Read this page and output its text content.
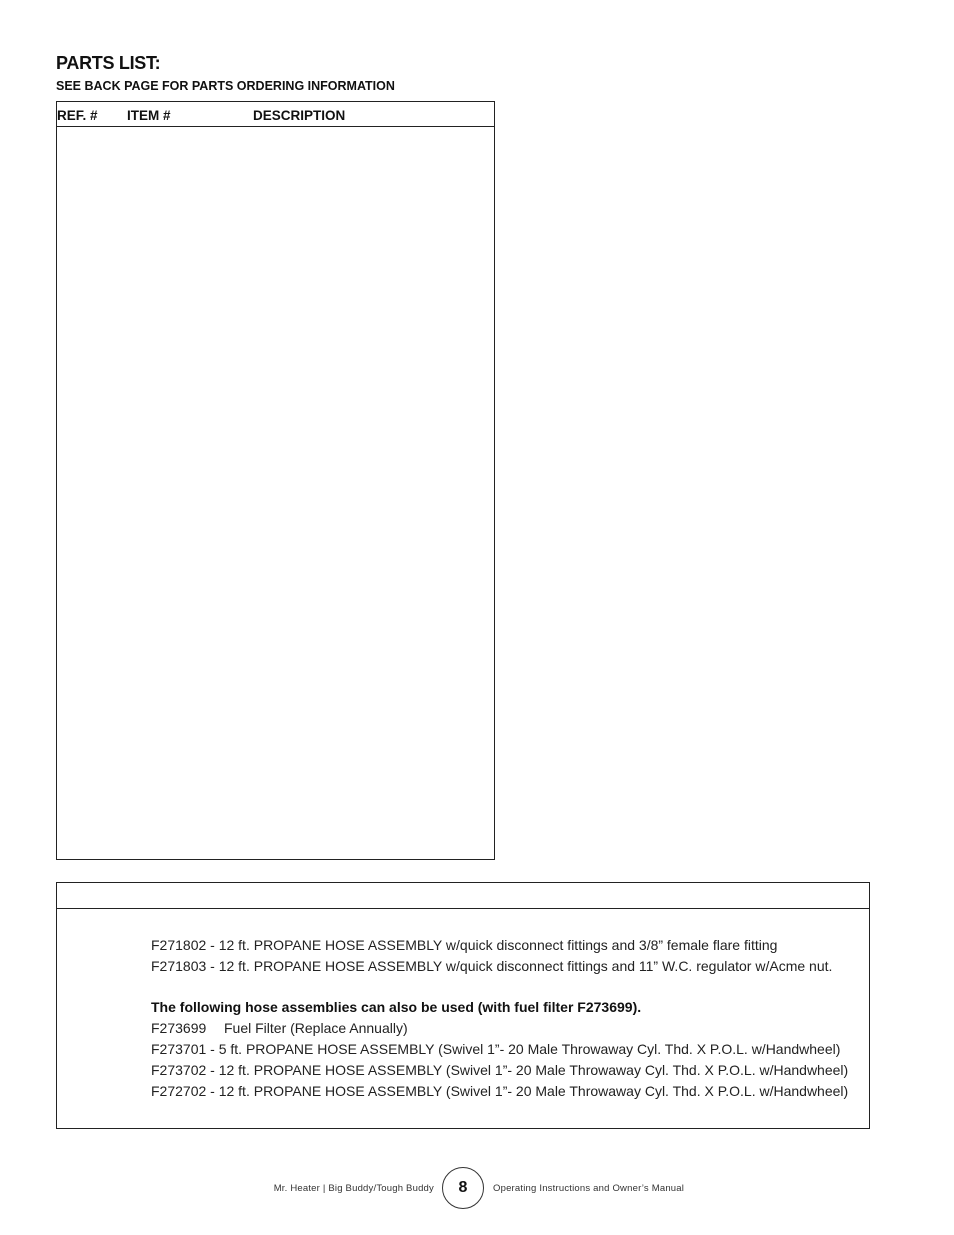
PARTS LIST:
SEE BACK PAGE FOR PARTS ORDERING INFORMATION
REF. # ITEM #	DESCRIPTION
F271802 - 12 ft. PROPANE HOSE ASSEMBLY w/quick disconnect fittings and 3/8” female flare fitting
F271803 - 12 ft. PROPANE HOSE ASSEMBLY w/quick disconnect fittings and 11” W.C. regulator w/Acme nut.
The following hose assemblies can also be used (with fuel filter F273699).
F273699 Fuel Filter (Replace Annually)
F273701 - 5 ft. PROPANE HOSE ASSEMBLY (Swivel 1”- 20 Male Throwaway Cyl. Thd. X P.O.L. w/Handwheel)
F273702 - 12 ft. PROPANE HOSE ASSEMBLY (Swivel 1”- 20 Male Throwaway Cyl. Thd. X P.O.L. w/Handwheel)
F272702 - 12 ft. PROPANE HOSE ASSEMBLY (Swivel 1”- 20 Male Throwaway Cyl. Thd. X P.O.L. w/Handwheel)
Mr. Heater | Big Buddy/Tough Buddy 8	Operating Instructions and Owner’s Manual
